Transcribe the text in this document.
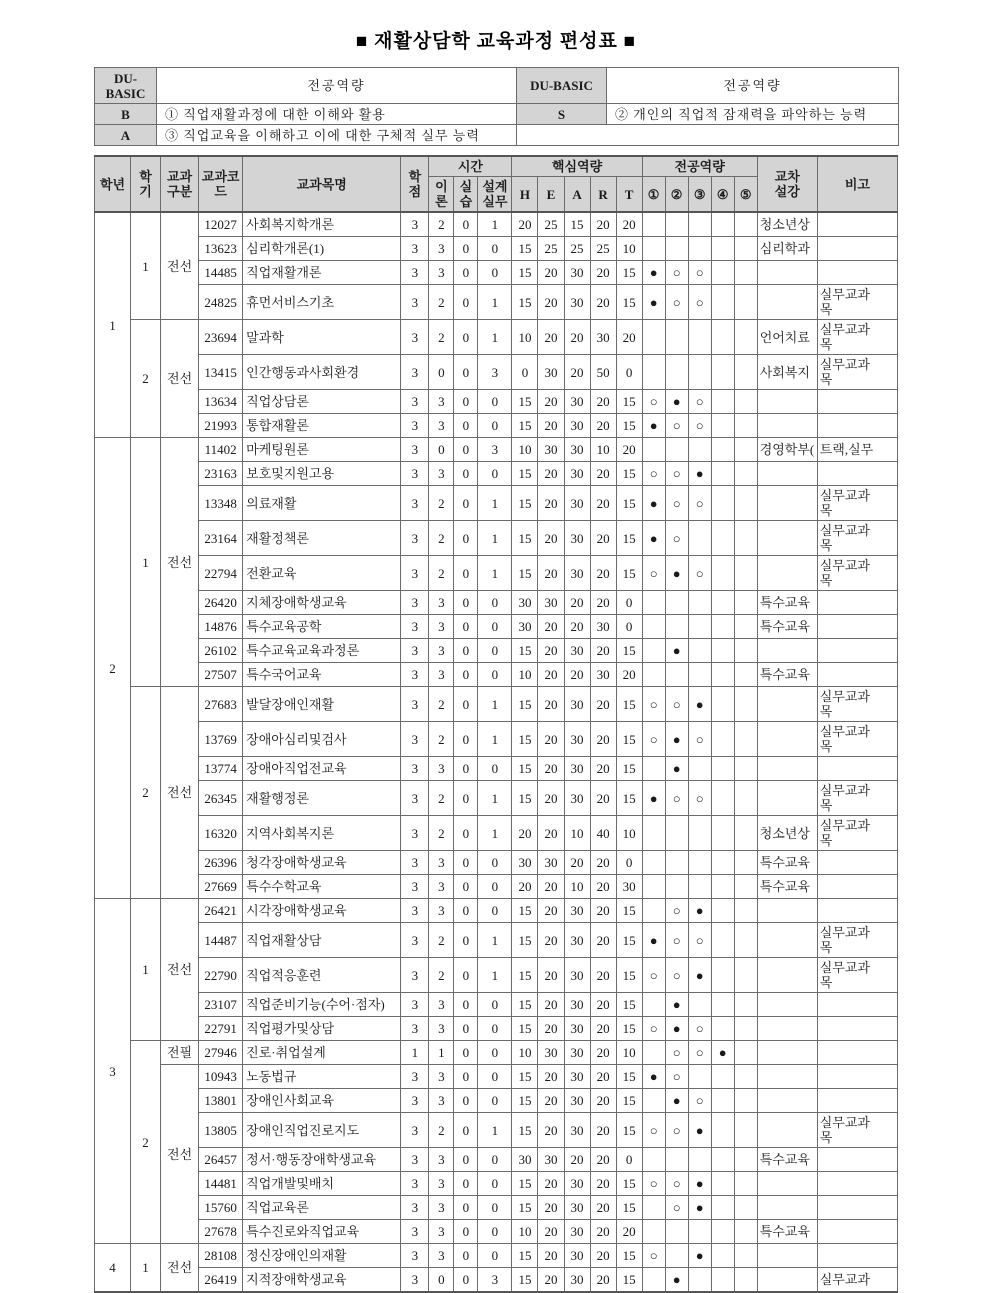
■ 재활상담학 교육과정 편성표 ■
DU-BASIC	전공역량	DU-BASIC	전공역량
B	① 직업재활과정에 대한 이해와 활용	S	② 개인의 직업적 잠재력을 파악하는 능력
A	③ 직업교육을 이해하고 이에 대한 구체적 실무 능력		
학년	학기	교과구분	교과코드	교과목명	학점	시간			핵심역량					전공역량					교차설강	비고
						이론	실습	설계실무	H	E	A	R	T	①	②	③	④	⑤		
1	1	전선	12027	사회복지학개론	3	2	0	1	20	25	15	20	20						청소년상	

			13623	심리학개론(1)	3	3	0	0	15	25	25	25	10						심리학과	

			14485	직업재활개론	3	3	0	0	15	20	30	20	15	●	○	○			

			24825	휴먼서비스기초	3	2	0	1	15	20	30	20	15	●	○	○				실무교과목

	2	전선	23694	말과학	3	2	0	1	10	20	20	30	20						언어치료	실무교과목

			13415	인간행동과사회환경	3	0	0	3	0	30	20	50	0						사회복지	실무교과목

			13634	직업상담론	3	3	0	0	15	20	30	20	15	○	●	○			

			21993	통합재활론	3	3	0	0	15	20	30	20	15	●	○	○			

2	1	전선	11402	마케팅원론	3	0	0	3	10	30	30	10	20						경영학부(	트랙,실무

			23163	보호및지원고용	3	3	0	0	15	20	30	20	15	○	○	●			

			13348	의료재활	3	2	0	1	15	20	30	20	15	●	○	○				실무교과목

			23164	재활정책론	3	2	0	1	15	20	30	20	15	●	○					실무교과목

			22794	전환교육	3	2	0	1	15	20	30	20	15	○	●	○				실무교과목

			26420	지체장애학생교육	3	3	0	0	30	30	20	20	0						특수교육	

			14876	특수교육공학	3	3	0	0	30	20	20	30	0						특수교육	

			26102	특수교육교육과정론	3	3	0	0	15	20	30	20	15		●				

			27507	특수국어교육	3	3	0	0	10	20	20	30	20						특수교육	

	2	전선	27683	발달장애인재활	3	2	0	1	15	20	30	20	15	○	○	●				실무교과목

			13769	장애아심리및검사	3	2	0	1	15	20	30	20	15	○	●	○				실무교과목

			13774	장애아직업전교육	3	3	0	0	15	20	30	20	15		●				

			26345	재활행정론	3	2	0	1	15	20	30	20	15	●	○	○				실무교과목

			16320	지역사회복지론	3	2	0	1	20	20	10	40	10						청소년상	실무교과목

			26396	청각장애학생교육	3	3	0	0	30	30	20	20	0						특수교육	

			27669	특수수학교육	3	3	0	0	20	20	10	20	30						특수교육	

3	1	전선	26421	시각장애학생교육	3	3	0	0	15	20	30	20	15		○	●			

			14487	직업재활상담	3	2	0	1	15	20	30	20	15	●	○	○				실무교과목

			22790	직업적응훈련	3	2	0	1	15	20	30	20	15	○	○	●				실무교과목

			23107	직업준비기능(수어·점자)	3	3	0	0	15	20	30	20	15		●				

			22791	직업평가및상담	3	3	0	0	15	20	30	20	15	○	●	○			

	2	전필	27946	진로·취업설계	1	1	0	0	10	30	30	20	10		○	○	●		

		전선	10943	노동법규	3	3	0	0	15	20	30	20	15	●	○				

			13801	장애인사회교육	3	3	0	0	15	20	30	20	15		●	○			

			13805	장애인직업진로지도	3	2	0	1	15	20	30	20	15	○	○	●				실무교과목

			26457	정서·행동장애학생교육	3	3	0	0	30	30	20	20	0						특수교육	

			14481	직업개발및배치	3	3	0	0	15	20	30	20	15	○	○	●			

			15760	직업교육론	3	3	0	0	15	20	30	20	15		○	●			

			27678	특수진로와직업교육	3	3	0	0	10	20	30	20	20						특수교육	

4	1	전선	28108	정신장애인의재활	3	3	0	0	15	20	30	20	15	○		●			

			26419	지적장애학생교육	3	0	0	3	15	20	30	20	15		●					실무교과
